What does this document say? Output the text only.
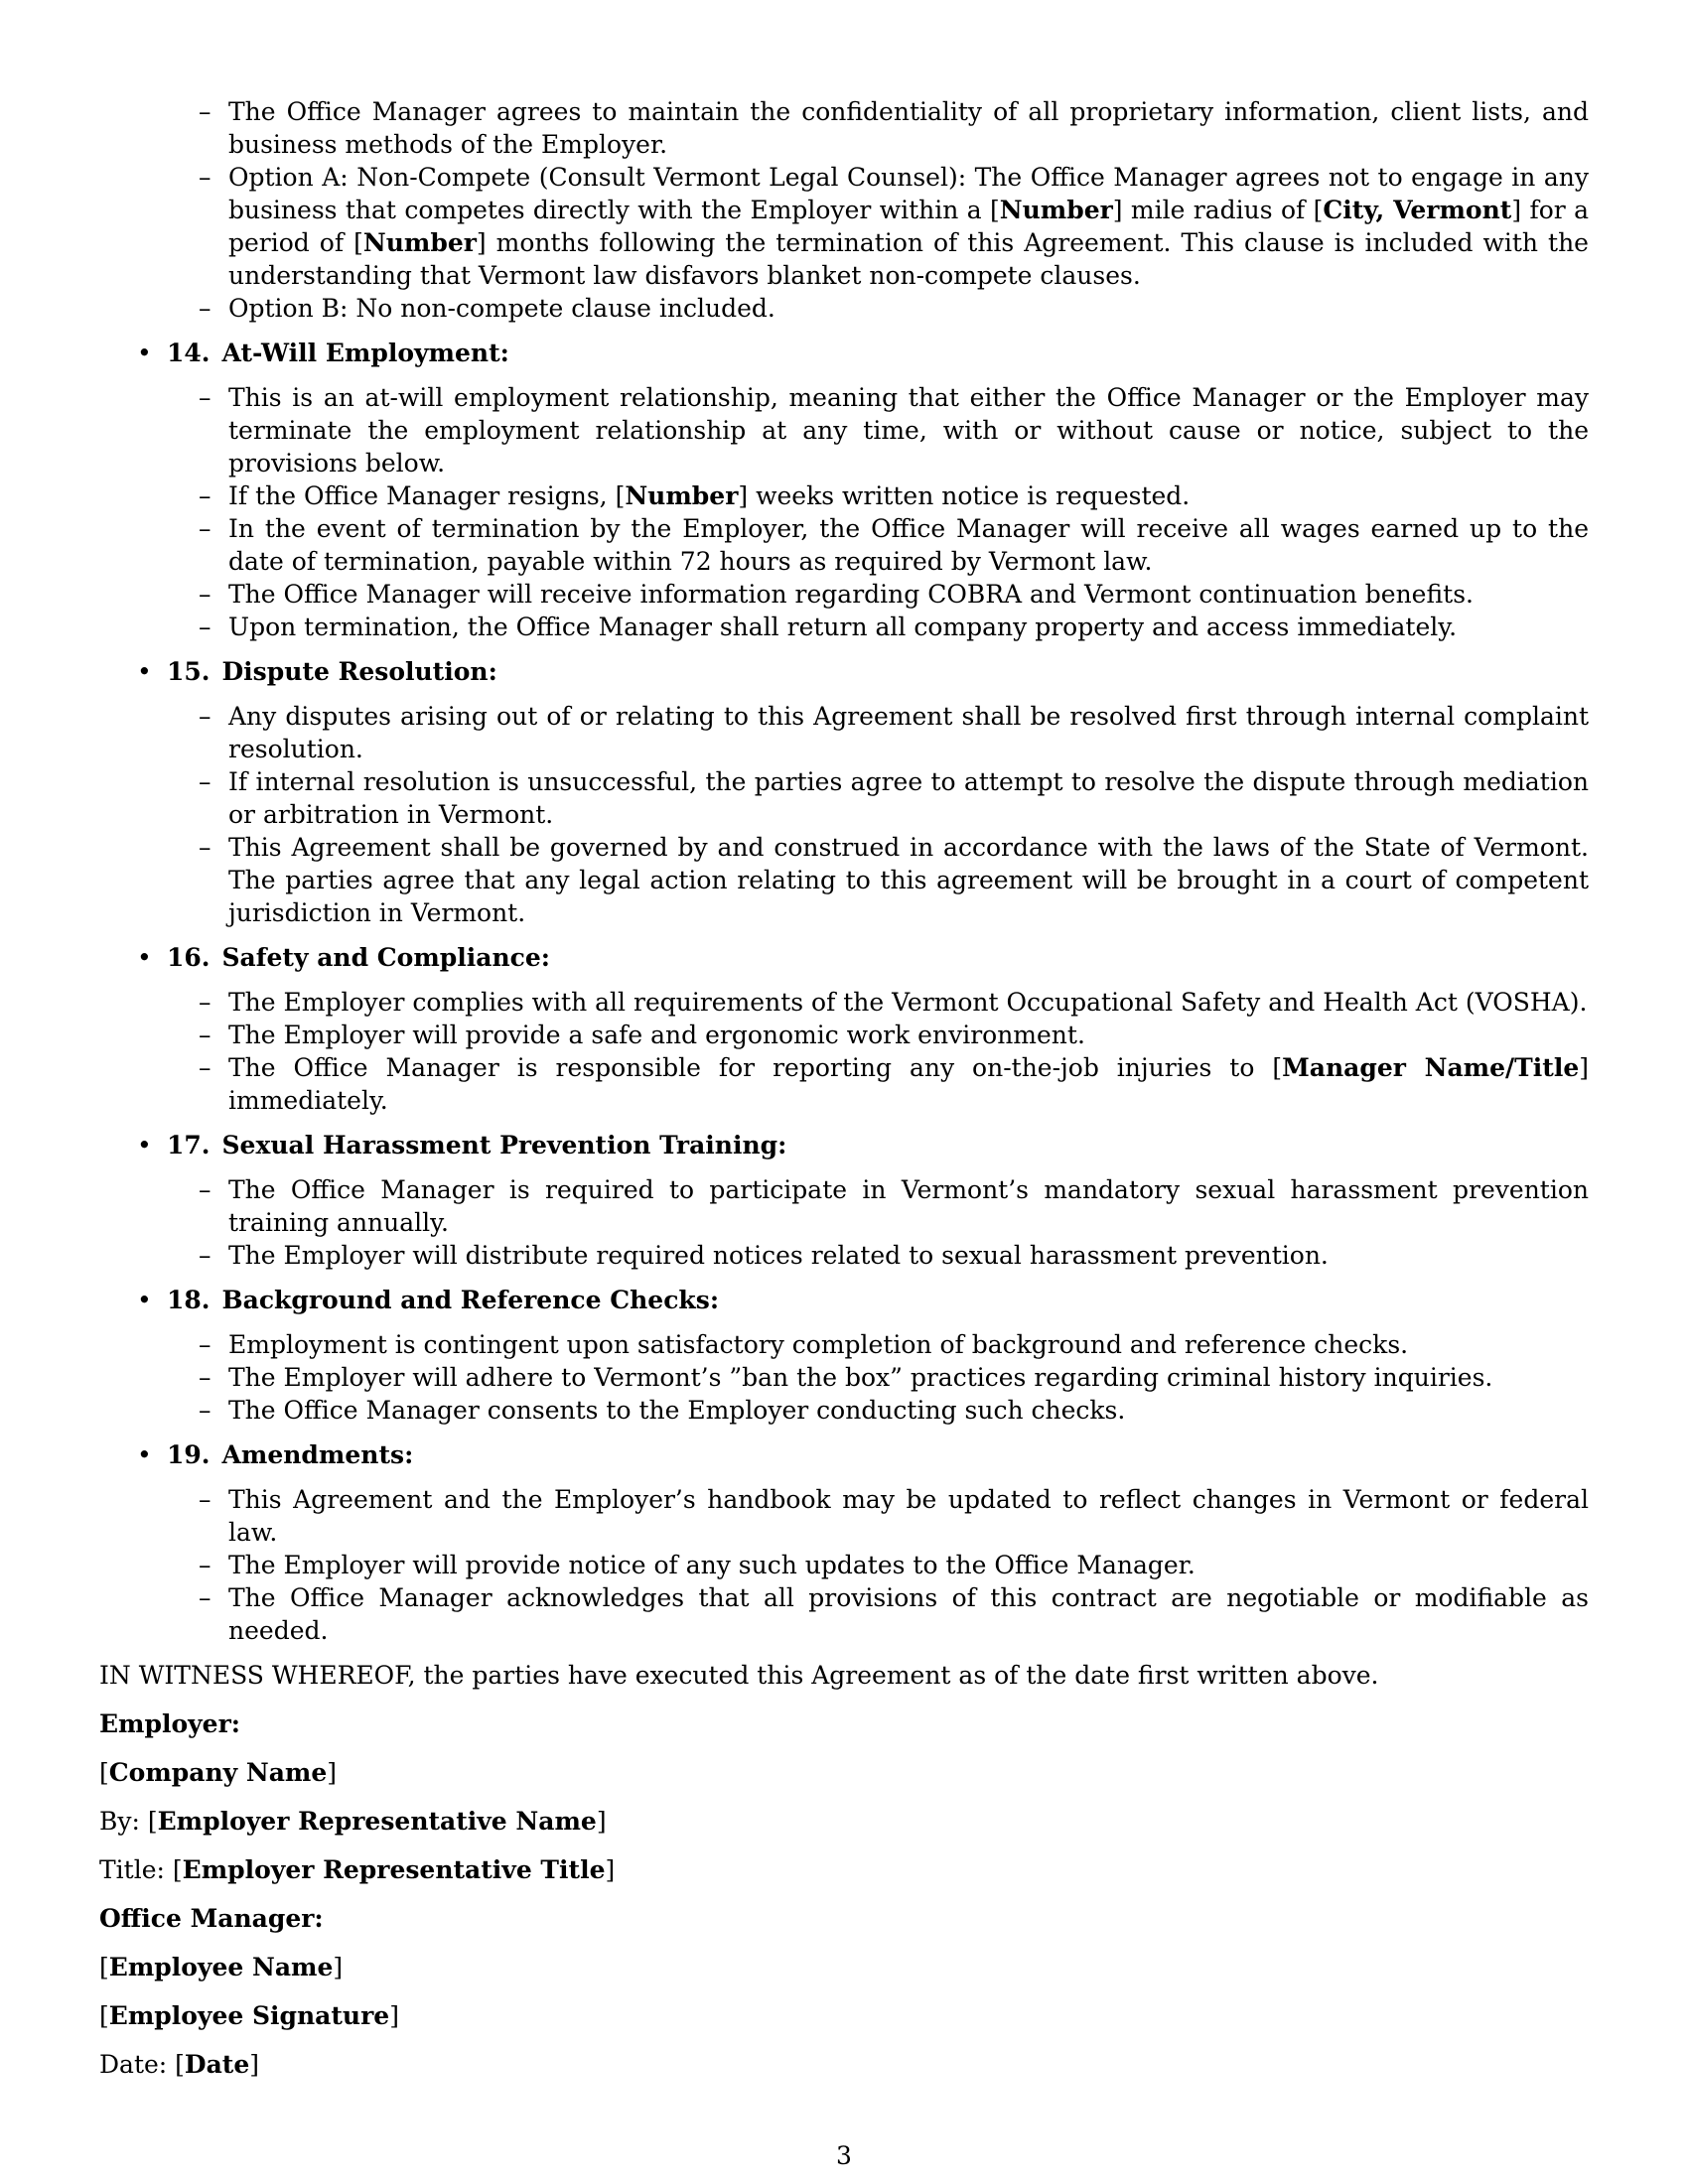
– The Office Manager agrees to maintain the confidentiality of all proprietary information, client lists, and business methods of the Employer.
– Option A: Non-Compete (Consult Vermont Legal Counsel): The Office Manager agrees not to engage in any business that competes directly with the Employer within a [Number] mile radius of [City, Vermont] for a period of [Number] months following the termination of this Agreement. This clause is included with the understanding that Vermont law disfavors blanket non-compete clauses.
– Option B: No non-compete clause included.
• 14. At-Will Employment:
– This is an at-will employment relationship, meaning that either the Office Manager or the Employer may terminate the employment relationship at any time, with or without cause or notice, subject to the provisions below.
– If the Office Manager resigns, [Number] weeks written notice is requested.
– In the event of termination by the Employer, the Office Manager will receive all wages earned up to the date of termination, payable within 72 hours as required by Vermont law.
– The Office Manager will receive information regarding COBRA and Vermont continuation benefits.
– Upon termination, the Office Manager shall return all company property and access immediately.
• 15. Dispute Resolution:
– Any disputes arising out of or relating to this Agreement shall be resolved first through internal complaint resolution.
– If internal resolution is unsuccessful, the parties agree to attempt to resolve the dispute through mediation or arbitration in Vermont.
– This Agreement shall be governed by and construed in accordance with the laws of the State of Vermont. The parties agree that any legal action relating to this agreement will be brought in a court of competent jurisdiction in Vermont.
• 16. Safety and Compliance:
– The Employer complies with all requirements of the Vermont Occupational Safety and Health Act (VOSHA).
– The Employer will provide a safe and ergonomic work environment.
– The Office Manager is responsible for reporting any on-the-job injuries to [Manager Name/Title] immediately.
• 17. Sexual Harassment Prevention Training:
– The Office Manager is required to participate in Vermont’s mandatory sexual harassment prevention training annually.
– The Employer will distribute required notices related to sexual harassment prevention.
• 18. Background and Reference Checks:
– Employment is contingent upon satisfactory completion of background and reference checks.
– The Employer will adhere to Vermont’s ”ban the box” practices regarding criminal history inquiries.
– The Office Manager consents to the Employer conducting such checks.
• 19. Amendments:
– This Agreement and the Employer’s handbook may be updated to reflect changes in Vermont or federal law.
– The Employer will provide notice of any such updates to the Office Manager.
– The Office Manager acknowledges that all provisions of this contract are negotiable or modifiable as needed.

IN WITNESS WHEREOF, the parties have executed this Agreement as of the date first written above.

Employer:

[Company Name]

By: [Employer Representative Name]

Title: [Employer Representative Title]

Office Manager:

[Employee Name]

[Employee Signature]

Date: [Date]

3
